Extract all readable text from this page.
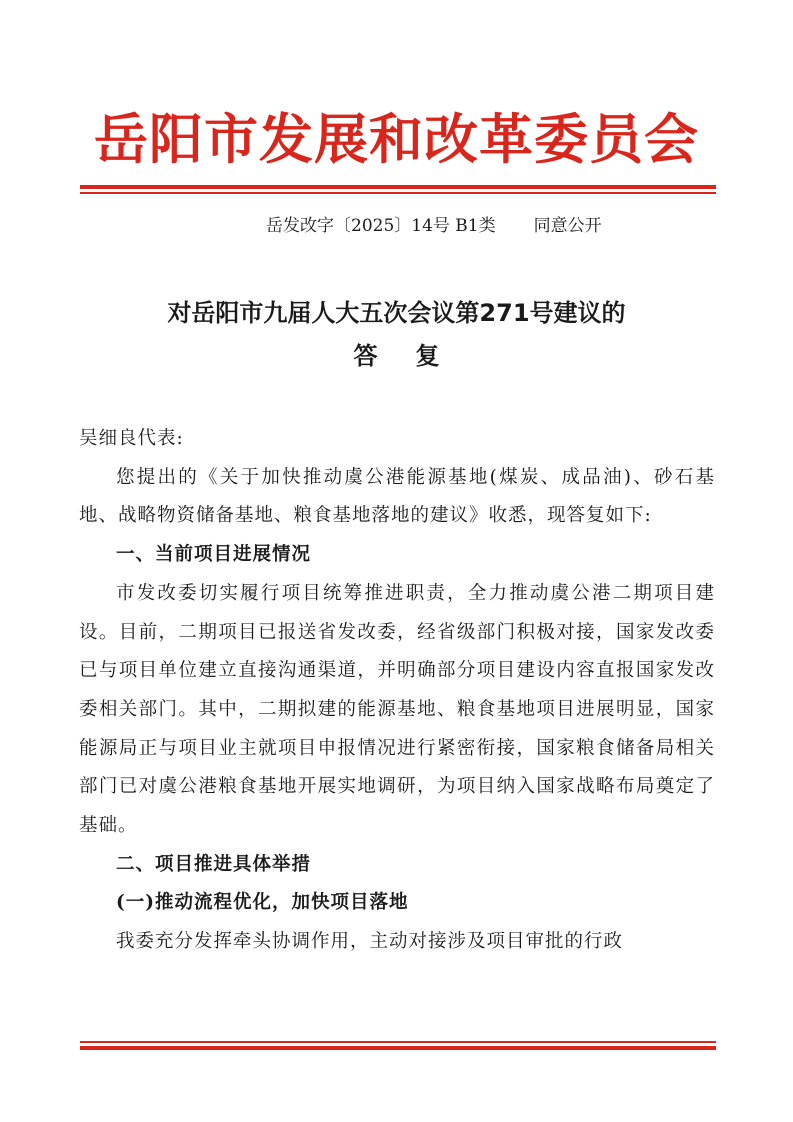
岳阳市发展和改革委员会
岳发改字〔2025〕14号 B1类 同意公开
对岳阳市九届人大五次会议第271号建议的
答复

吴细良代表:

您提出的《关于加快推动虞公港能源基地(煤炭、成品油)、砂石基地、战略物资储备基地、粮食基地落地的建议》收悉，现答复如下:

一、当前项目进展情况

市发改委切实履行项目统筹推进职责，全力推动虞公港二期项目建设。目前，二期项目已报送省发改委，经省级部门积极对接，国家发改委已与项目单位建立直接沟通渠道，并明确部分项目建设内容直报国家发改委相关部门。其中，二期拟建的能源基地、粮食基地项目进展明显，国家能源局正与项目业主就项目申报情况进行紧密衔接，国家粮食储备局相关部门已对虞公港粮食基地开展实地调研，为项目纳入国家战略布局奠定了基础。

二、项目推进具体举措

(一)推动流程优化，加快项目落地

我委充分发挥牵头协调作用，主动对接涉及项目审批的行政
